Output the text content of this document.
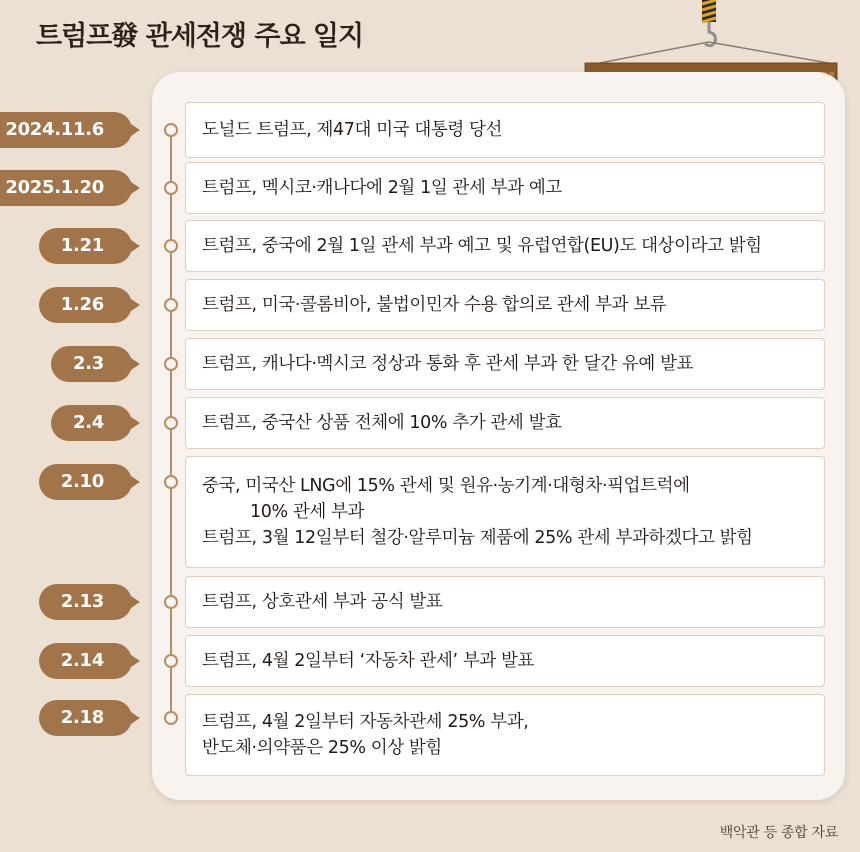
트럼프發 관세전쟁 주요 일지
2024.11.6	도널드 트럼프, 제47대 미국 대통령 당선
2025.1.20	트럼프, 멕시코·캐나다에 2월 1일 관세 부과 예고
1.21	트럼프, 중국에 2월 1일 관세 부과 예고 및 유럽연합(EU)도 대상이라고 밝힘
1.26	트럼프, 미국·콜롬비아, 불법이민자 수용 합의로 관세 부과 보류
2.3	트럼프, 캐나다·멕시코 정상과 통화 후 관세 부과 한 달간 유예 발표
2.4	트럼프, 중국산 상품 전체에 10% 추가 관세 발효
2.10	중국, 미국산 LNG에 15% 관세 및 원유·농기계·대형차·픽업트럭에
10% 관세 부과
트럼프, 3월 12일부터 철강·알루미늄 제품에 25% 관세 부과하겠다고 밝힘
2.13	트럼프, 상호관세 부과 공식 발표
2.14	트럼프, 4월 2일부터 ‘자동차 관세’ 부과 발표
2.18	트럼프, 4월 2일부터 자동차관세 25% 부과,
반도체·의약품은 25% 이상 밝힘
백악관 등 종합 자료
